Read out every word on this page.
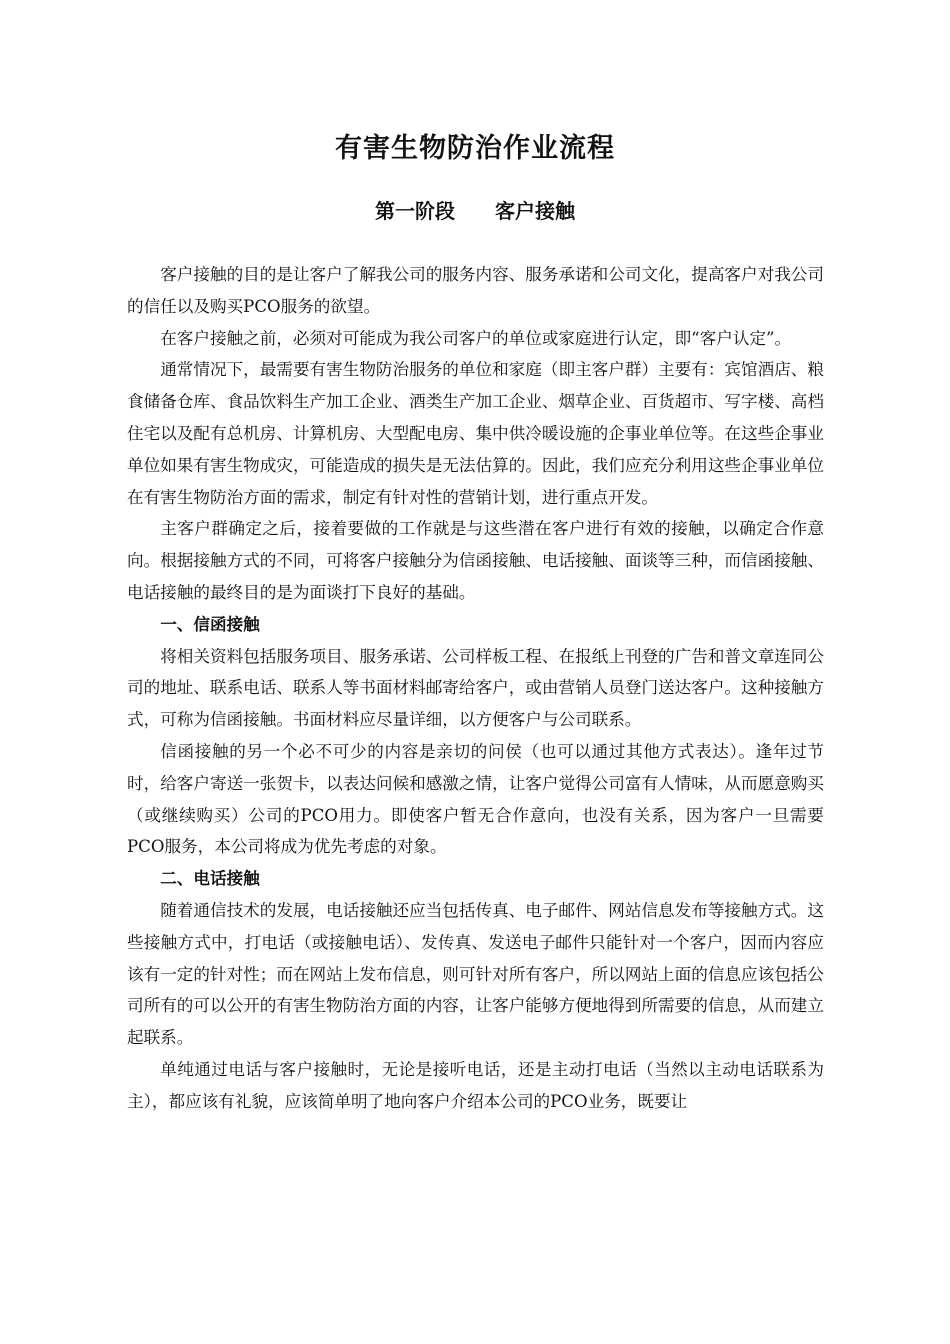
有害生物防治作业流程
第一阶段　　客户接触

客户接触的目的是让客户了解我公司的服务内容、服务承诺和公司文化，提高客户对我公司的信任以及购买PCO服务的欲望。

在客户接触之前，必须对可能成为我公司客户的单位或家庭进行认定，即“客户认定”。

通常情况下，最需要有害生物防治服务的单位和家庭（即主客户群）主要有：宾馆酒店、粮食储备仓库、食品饮料生产加工企业、酒类生产加工企业、烟草企业、百货超市、写字楼、高档住宅以及配有总机房、计算机房、大型配电房、集中供冷暖设施的企事业单位等。在这些企事业单位如果有害生物成灾，可能造成的损失是无法估算的。因此，我们应充分利用这些企事业单位在有害生物防治方面的需求，制定有针对性的营销计划，进行重点开发。

主客户群确定之后，接着要做的工作就是与这些潜在客户进行有效的接触，以确定合作意向。根据接触方式的不同，可将客户接触分为信函接触、电话接触、面谈等三种，而信函接触、电话接触的最终目的是为面谈打下良好的基础。

一、信函接触

将相关资料包括服务项目、服务承诺、公司样板工程、在报纸上刊登的广告和普文章连同公司的地址、联系电话、联系人等书面材料邮寄给客户，或由营销人员登门送达客户。这种接触方式，可称为信函接触。书面材料应尽量详细，以方便客户与公司联系。

信函接触的另一个必不可少的内容是亲切的问侯（也可以通过其他方式表达）。逢年过节时，给客户寄送一张贺卡，以表达问候和感激之情，让客户觉得公司富有人情味，从而愿意购买（或继续购买）公司的PCO用力。即使客户暂无合作意向，也没有关系，因为客户一旦需要PCO服务，本公司将成为优先考虑的对象。

二、电话接触

随着通信技术的发展，电话接触还应当包括传真、电子邮件、网站信息发布等接触方式。这些接触方式中，打电话（或接触电话）、发传真、发送电子邮件只能针对一个客户，因而内容应该有一定的针对性；而在网站上发布信息，则可针对所有客户，所以网站上面的信息应该包括公司所有的可以公开的有害生物防治方面的内容，让客户能够方便地得到所需要的信息，从而建立起联系。

单纯通过电话与客户接触时，无论是接听电话，还是主动打电话（当然以主动电话联系为主），都应该有礼貌，应该简单明了地向客户介绍本公司的PCO业务，既要让
